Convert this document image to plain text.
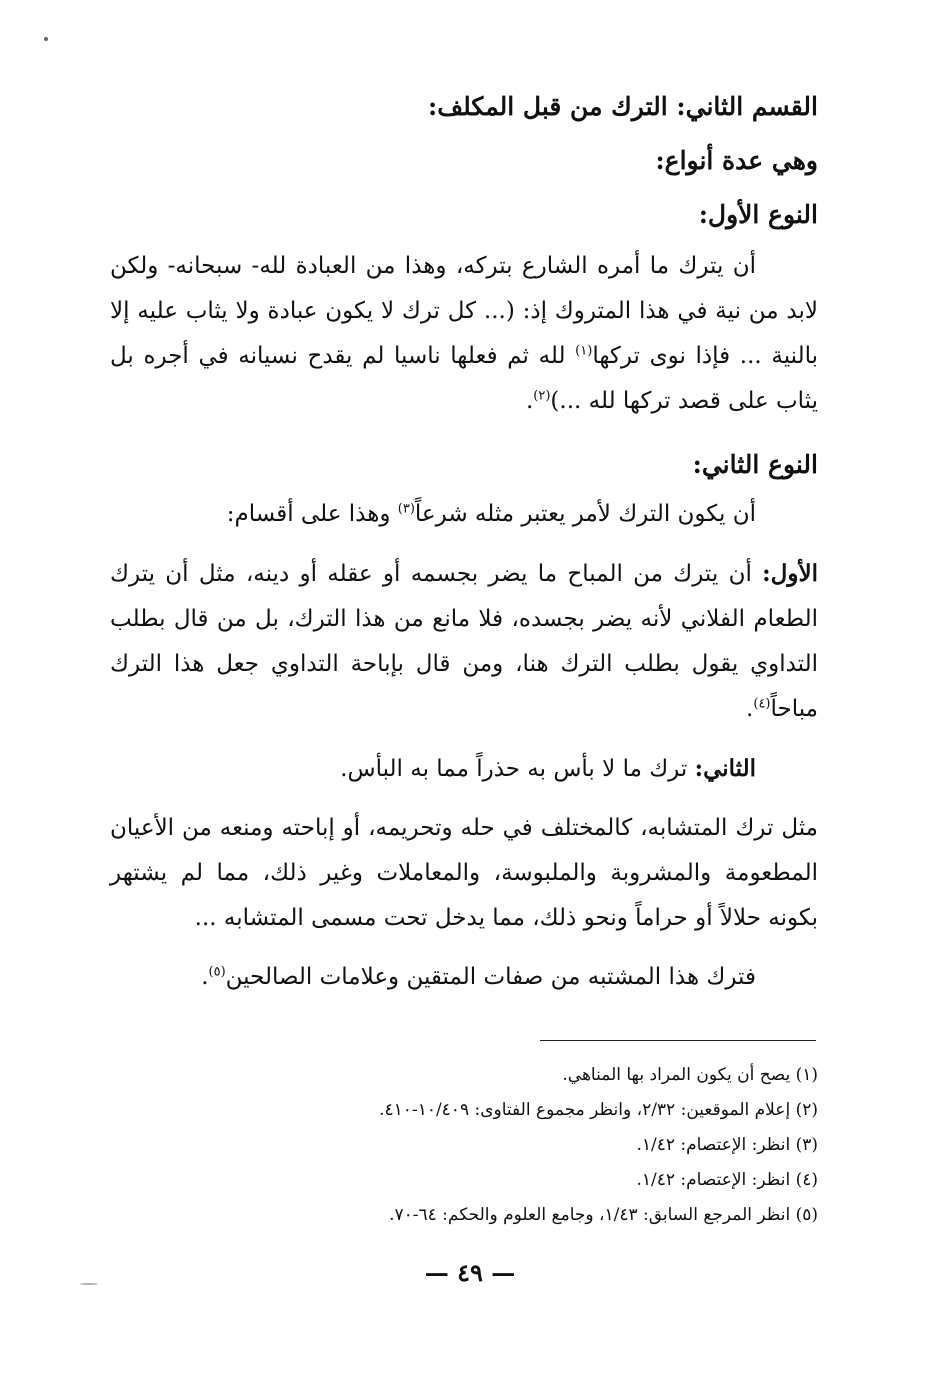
القسم الثاني: الترك من قبل المكلف:

وهي عدة أنواع:

النوع الأول:

أن يترك ما أمره الشارع بتركه، وهذا من العبادة لله- سبحانه- ولكن لابد من نية في هذا المتروك إذ: (... كل ترك لا يكون عبادة ولا يثاب عليه إلا بالنية ... فإذا نوى تركها$^{(١)}$ لله ثم فعلها ناسيا لم يقدح نسيانه في أجره بل يثاب على قصد تركها لله ...)$^{(٢)}$.

النوع الثاني:

أن يكون الترك لأمر يعتبر مثله شرعاً$^{(٣)}$ وهذا على أقسام:

الأول: أن يترك من المباح ما يضر بجسمه أو عقله أو دينه، مثل أن يترك الطعام الفلاني لأنه يضر بجسده، فلا مانع من هذا الترك، بل من قال بطلب التداوي يقول بطلب الترك هنا، ومن قال بإباحة التداوي جعل هذا الترك مباحاً$^{(٤)}$.

الثاني: ترك ما لا بأس به حذراً مما به البأس.

مثل ترك المتشابه، كالمختلف في حله وتحريمه، أو إباحته ومنعه من الأعيان المطعومة والمشروبة والملبوسة، والمعاملات وغير ذلك، مما لم يشتهر بكونه حلالاً أو حراماً ونحو ذلك، مما يدخل تحت مسمى المتشابه ...

فترك هذا المشتبه من صفات المتقين وعلامات الصالحين$^{(٥)}$.

(١) يصح أن يكون المراد بها المناهي.

(٢) إعلام الموقعين: ٢/٣٢، وانظر مجموع الفتاوى: ١٠/٤٠٩-٤١٠.

(٣) انظر: الإعتصام: ١/٤٢.

(٤) انظر: الإعتصام: ١/٤٢.

(٥) انظر المرجع السابق: ١/٤٣، وجامع العلوم والحكم: ٦٤-٧٠.

— ٤٩ —
